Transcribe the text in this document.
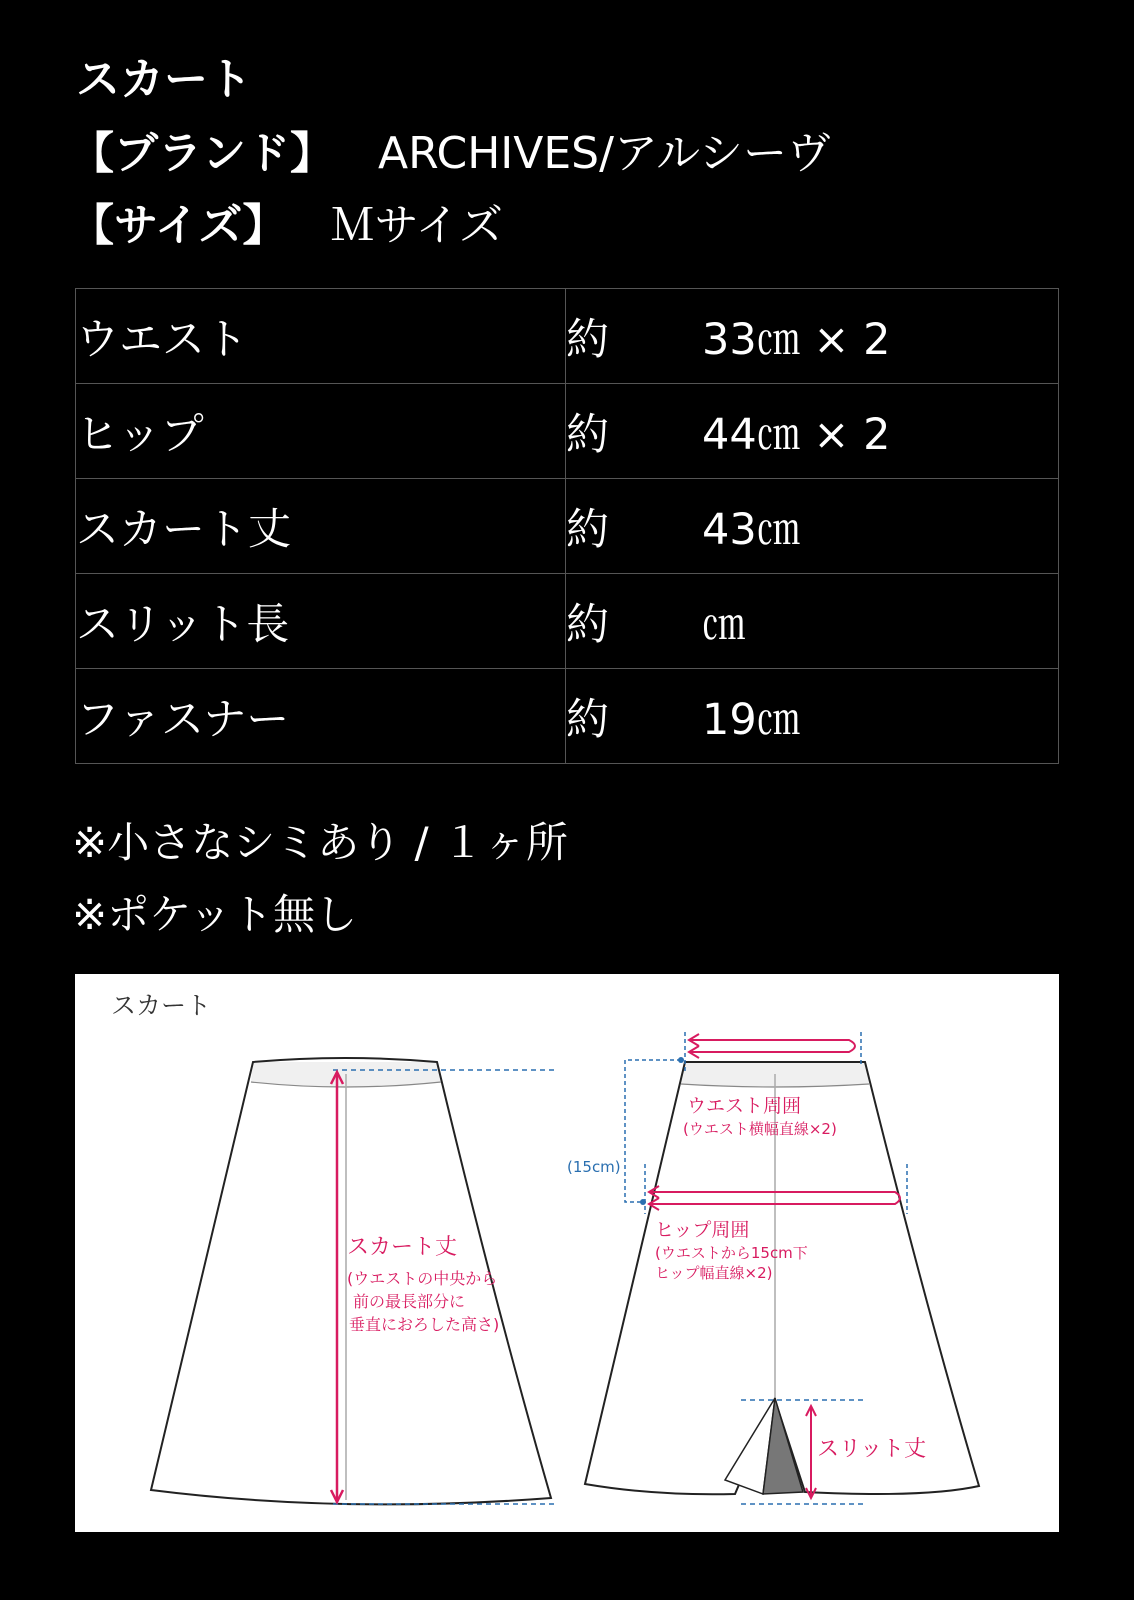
スカート
【ブランド】 ARCHIVES/アルシーヴ
【サイズ】 Ｍサイズ
ウエスト	約 33㎝ × 2
ヒップ	約 44㎝ × 2
スカート丈	約 43㎝
スリット長	約 ㎝
ファスナー	約 19㎝
※小さなシミあり / １ヶ所
※ポケット無し
スカート
スカート丈
(ウエストの中央から
前の最長部分に
垂直におろした高さ)
ウエスト周囲
(ウエスト横幅直線×2)
(15cm)
ヒップ周囲
(ウエストから15cm下
ヒップ幅直線×2)
スリット丈
